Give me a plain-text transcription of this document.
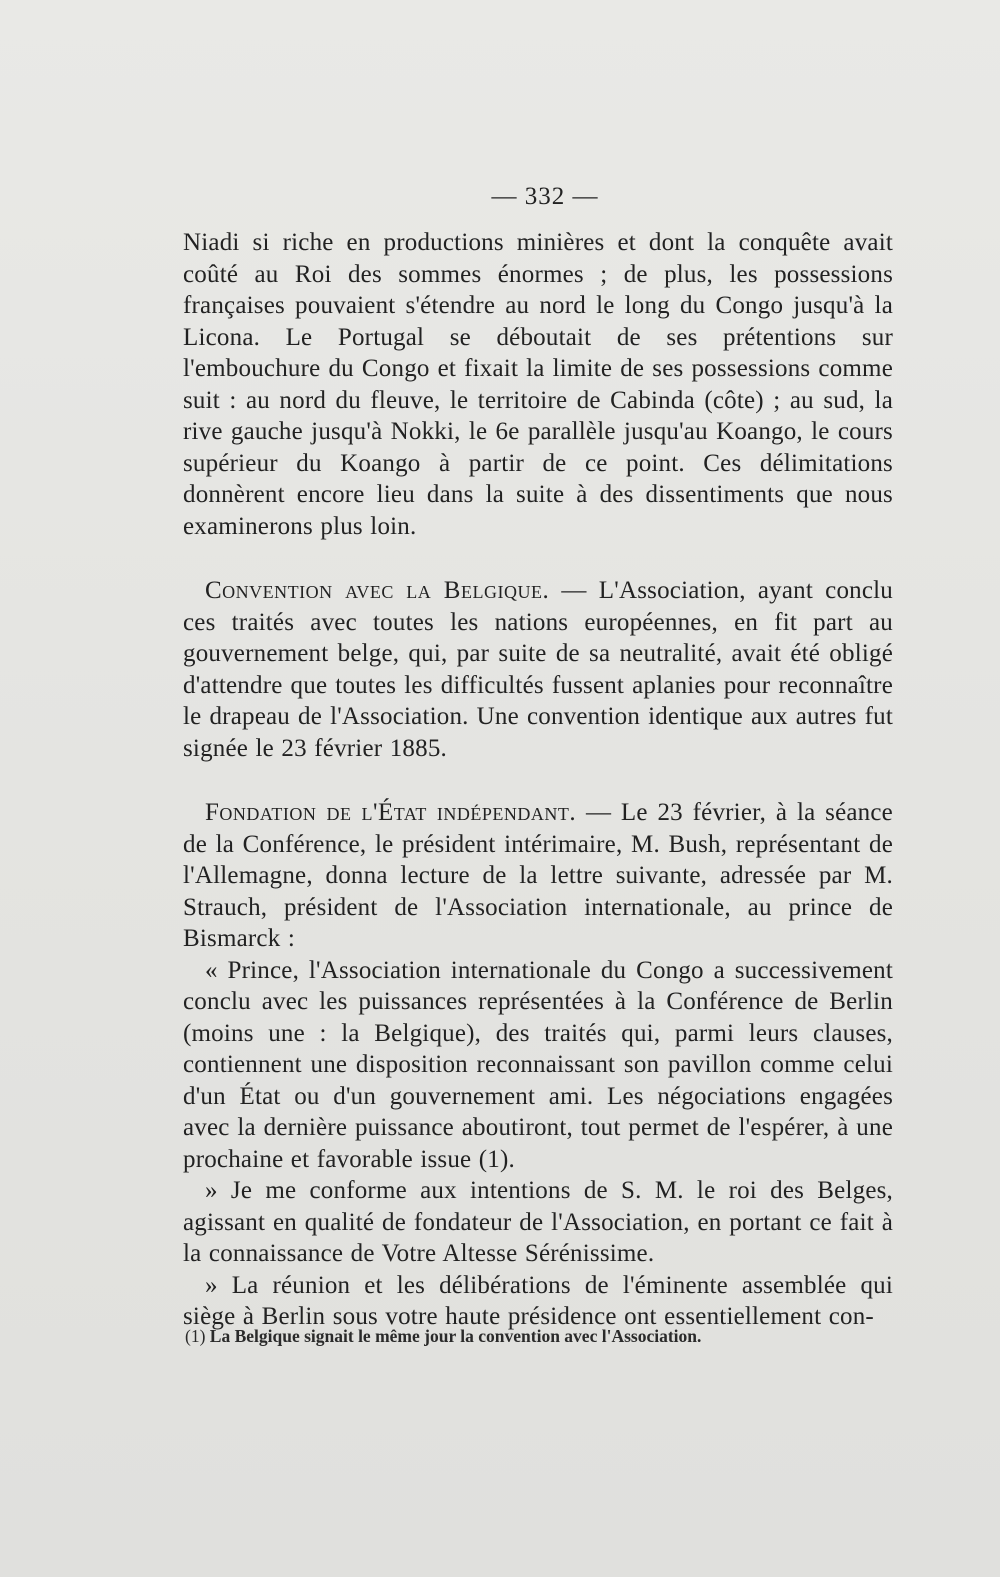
— 332 —

Niadi si riche en productions minières et dont la conquête avait coûté au Roi des sommes énormes ; de plus, les possessions françaises pouvaient s'étendre au nord le long du Congo jusqu'à la Licona. Le Portugal se déboutait de ses prétentions sur l'embouchure du Congo et fixait la limite de ses possessions comme suit : au nord du fleuve, le territoire de Cabinda (côte) ; au sud, la rive gauche jusqu'à Nokki, le 6e parallèle jusqu'au Koango, le cours supérieur du Koango à partir de ce point. Ces délimitations donnèrent encore lieu dans la suite à des dissentiments que nous examinerons plus loin.

Convention avec la Belgique. — L'Association, ayant conclu ces traités avec toutes les nations européennes, en fit part au gouvernement belge, qui, par suite de sa neutralité, avait été obligé d'attendre que toutes les difficultés fussent aplanies pour reconnaître le drapeau de l'Association. Une convention identique aux autres fut signée le 23 février 1885.

Fondation de l'État indépendant. — Le 23 février, à la séance de la Conférence, le président intérimaire, M. Bush, représentant de l'Allemagne, donna lecture de la lettre suivante, adressée par M. Strauch, président de l'Association internationale, au prince de Bismarck :

« Prince, l'Association internationale du Congo a successivement conclu avec les puissances représentées à la Conférence de Berlin (moins une : la Belgique), des traités qui, parmi leurs clauses, contiennent une disposition reconnaissant son pavillon comme celui d'un État ou d'un gouvernement ami. Les négociations engagées avec la dernière puissance aboutiront, tout permet de l'espérer, à une prochaine et favorable issue (1).

» Je me conforme aux intentions de S. M. le roi des Belges, agissant en qualité de fondateur de l'Association, en portant ce fait à la connaissance de Votre Altesse Sérénissime.

» La réunion et les délibérations de l'éminente assemblée qui siège à Berlin sous votre haute présidence ont essentiellement con-

(1) La Belgique signait le même jour la convention avec l'Association.
